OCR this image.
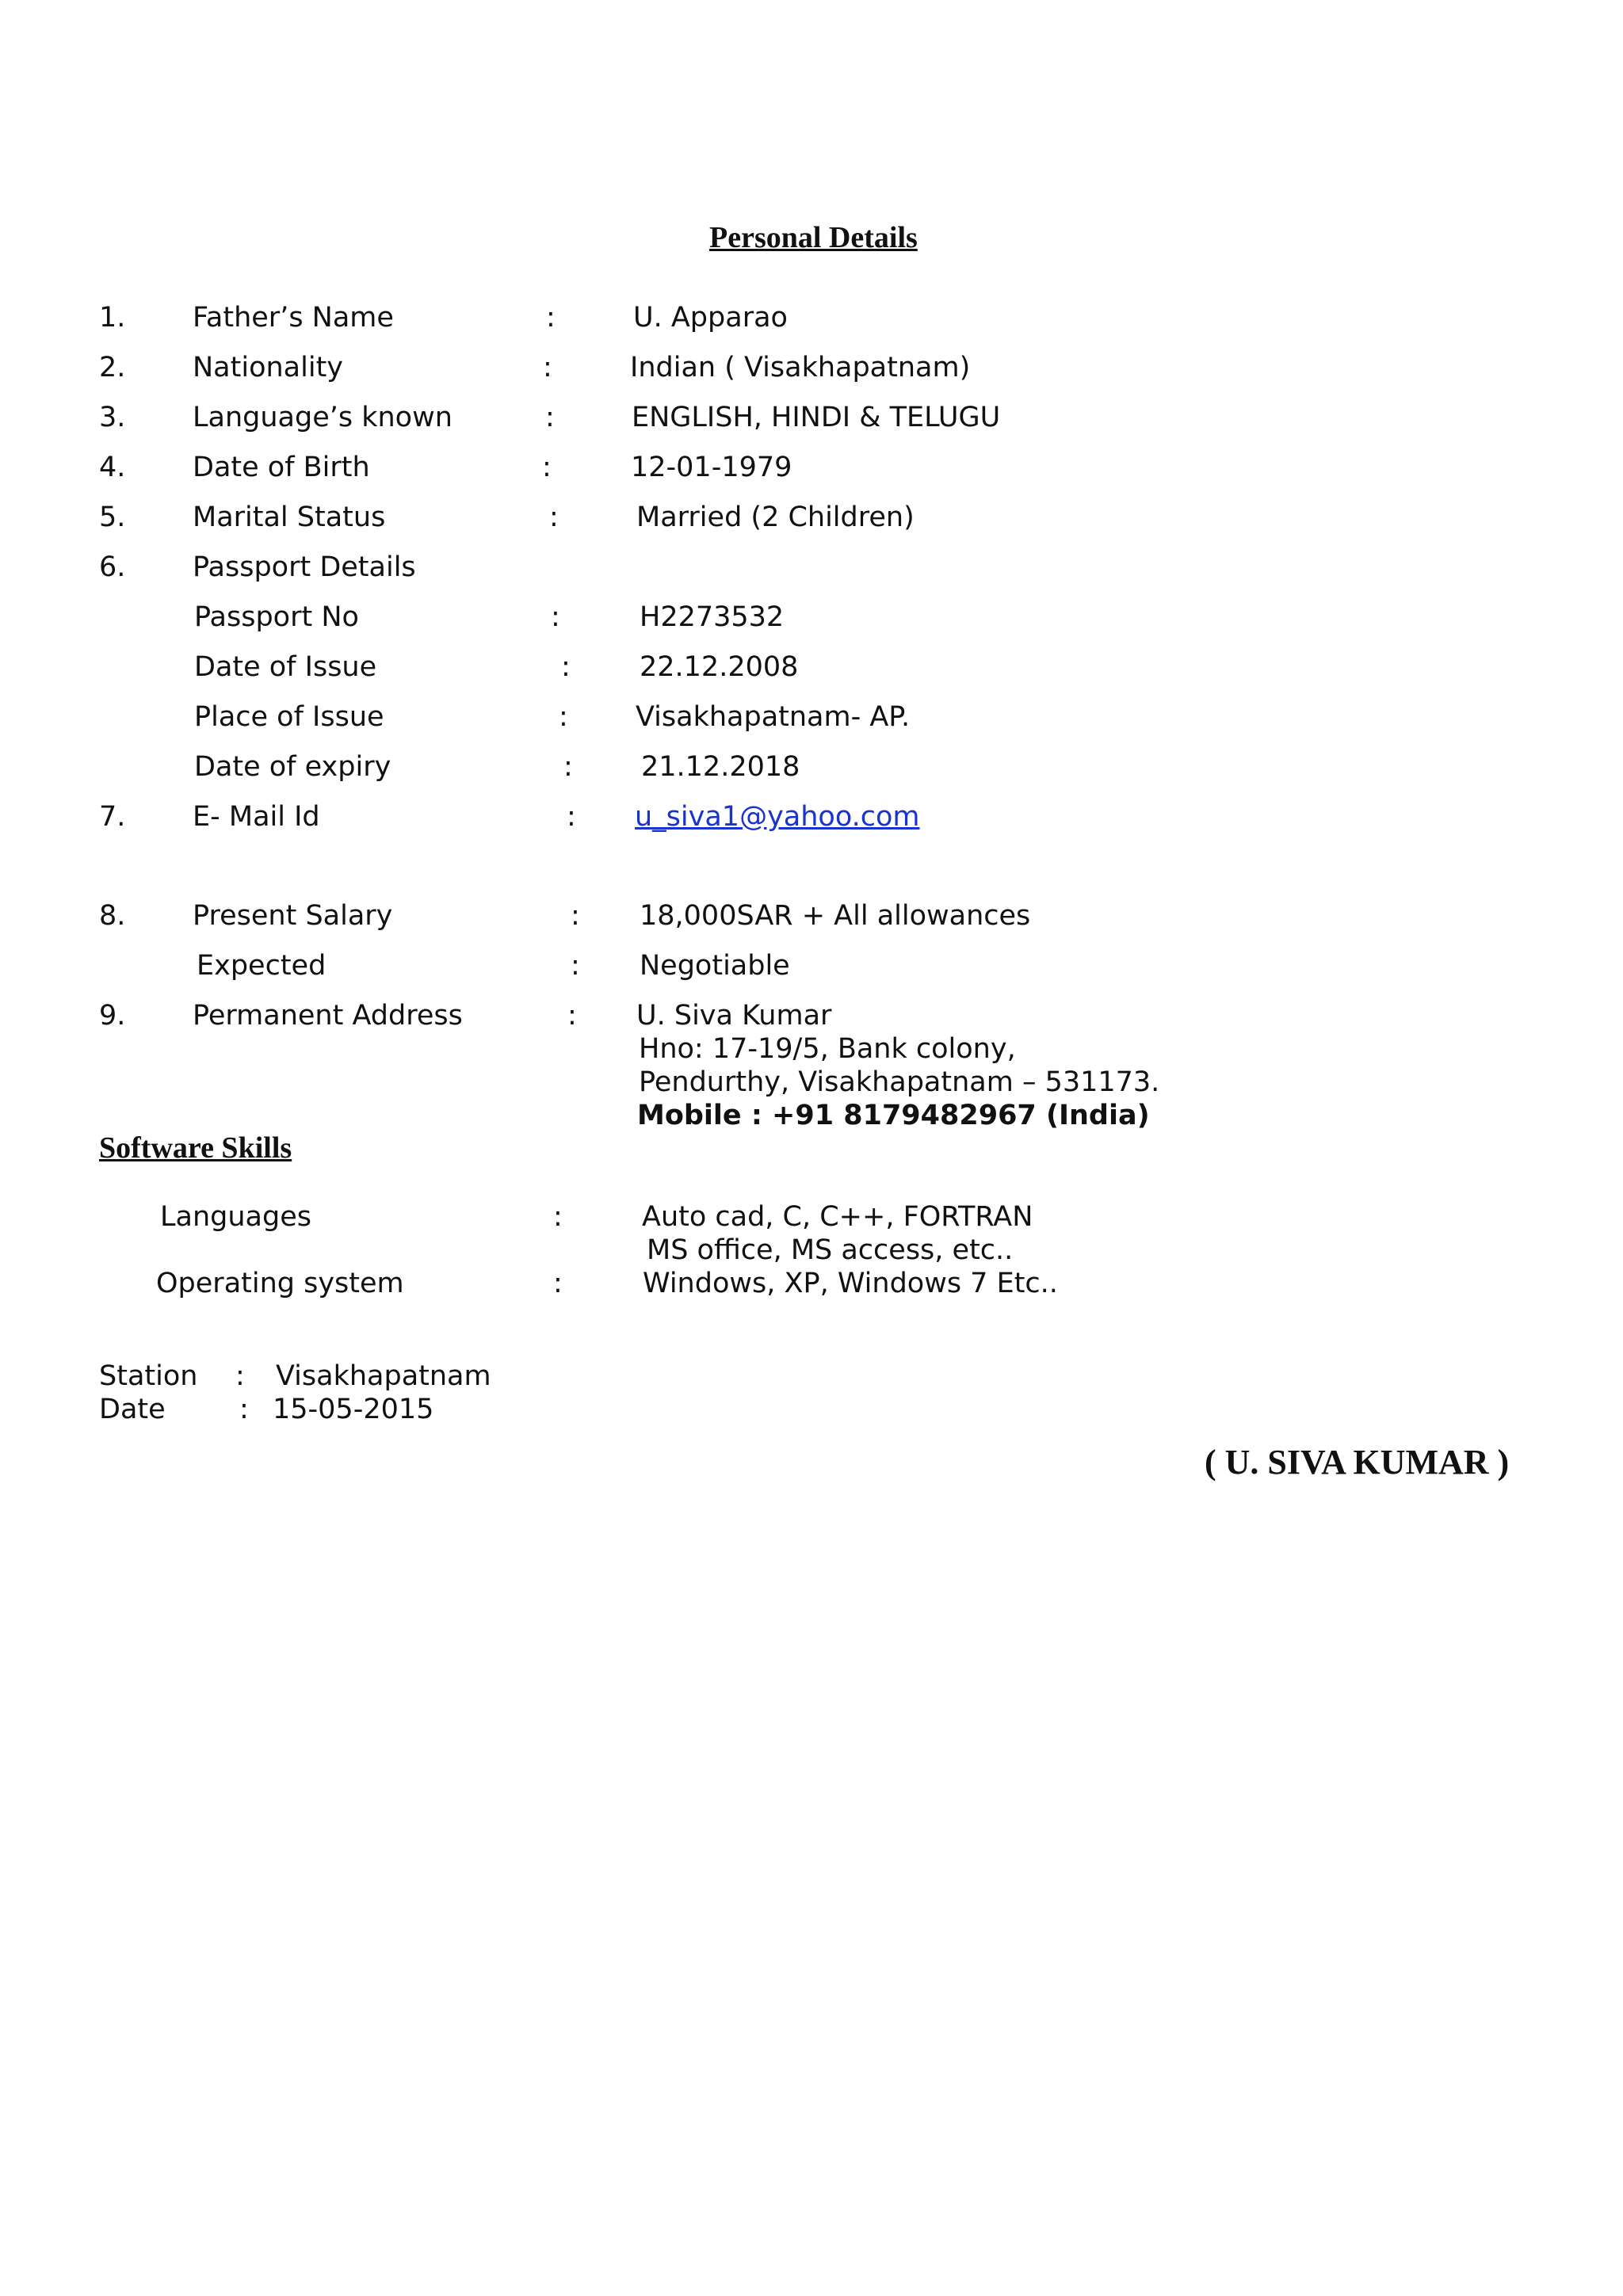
Personal Details
1. Father’s Name	:	U. Apparao
2. Nationality	:	Indian ( Visakhapatnam)
3. Language’s known	:	ENGLISH, HINDI & TELUGU
4. Date of Birth	:	12-01-1979
5. Marital Status	:	Married (2 Children)
6. Passport Details
Passport No	:	H2273532
Date of Issue	: 22.12.2008
Place of Issue	: Visakhapatnam- AP.
Date of expiry	: 21.12.2018
7. E- Mail Id	: u_siva1@yahoo.com
8. Present Salary	: 18,000SAR + All allowances
Expected	: Negotiable
9. Permanent Address	: U. Siva Kumar
Hno: 17-19/5, Bank colony,
Pendurthy, Visakhapatnam – 531173.
Mobile : +91 8179482967 (India)
Software Skills
Languages	:	Auto cad, C, C++, FORTRAN
MS office, MS access, etc..
Operating system	:	Windows, XP, Windows 7 Etc..
Station : Visakhapatnam
Date	: 15-05-2015
( U. SIVA KUMAR )
